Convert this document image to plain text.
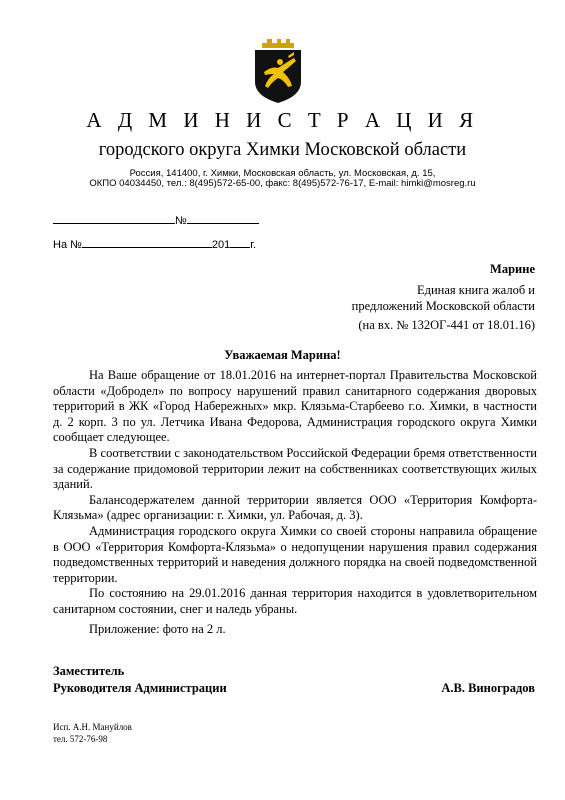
А Д М И Н И С Т Р А Ц И Я
городского округа Химки Московской области
Россия, 141400, г. Химки, Московская область, ул. Московская, д. 15,
ОКПО 04034450, тел.: 8(495)572-65-00, факс: 8(495)572-76-17, E-mail: himki@mosreg.ru
№
На №	201 г.
Марине
Единая книга жалоб и
предложений Московской области
(на вх. № 132ОГ-441 от 18.01.16)
Уважаемая Марина!

На Ваше обращение от 18.01.2016 на интернет-портал Правительства Московской области «Добродел» по вопросу нарушений правил санитарного содержания дворовых территорий в ЖК «Город Набережных» мкр. Клязьма-Старбеево г.о. Химки, в частности д. 2 корп. 3 по ул. Летчика Ивана Федорова, Администрация городского округа Химки сообщает следующее.

В соответствии с законодательством Российской Федерации бремя ответственности за содержание придомовой территории лежит на собственниках соответствующих жилых зданий.

Балансодержателем данной территории является ООО «Территория Комфорта-Клязьма» (адрес организации: г. Химки, ул. Рабочая, д. 3).

Администрация городского округа Химки со своей стороны направила обращение в ООО «Территория Комфорта-Клязьма» о недопущении нарушения правил содержания подведомственных территорий и наведения должного порядка на своей подведомственной территории.

По состоянию на 29.01.2016 данная территория находится в удовлетворительном санитарном состоянии, снег и наледь убраны.

Приложение: фото на 2 л.
Заместитель
Руководителя Администрации	А.В. Виноградов
Исп. А.Н. Мануйлов
тел. 572-76-98
